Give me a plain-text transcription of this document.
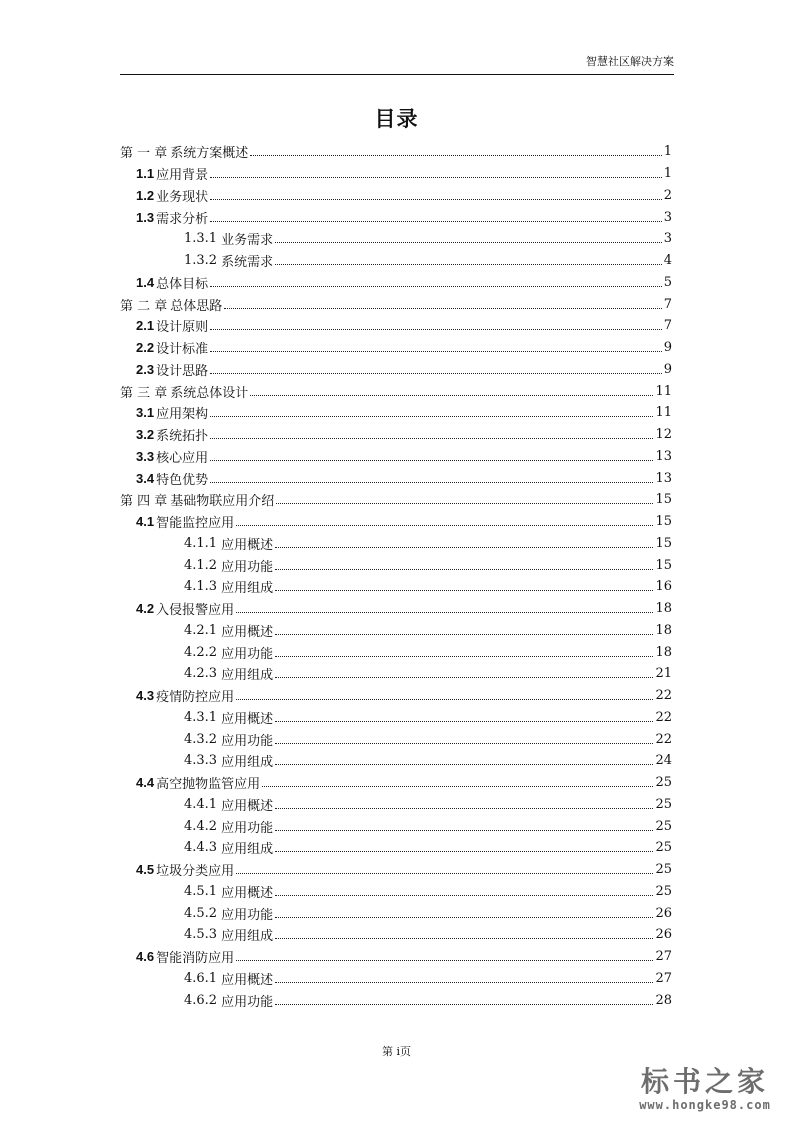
智慧社区解决方案
目录
第 一 章 系统方案概述	1
1.1 应用背景	1
1.2 业务现状	2
1.3 需求分析	3
1.3.1 业务需求	3
1.3.2 系统需求	4
1.4 总体目标	5
第 二 章 总体思路	7
2.1 设计原则	7
2.2 设计标准	9
2.3 设计思路	9
第 三 章 系统总体设计	11
3.1 应用架构	11
3.2 系统拓扑	12
3.3 核心应用	13
3.4 特色优势	13
第 四 章 基础物联应用介绍	15
4.1 智能监控应用	15
4.1.1 应用概述	15
4.1.2 应用功能	15
4.1.3 应用组成	16
4.2 入侵报警应用	18
4.2.1 应用概述	18
4.2.2 应用功能	18
4.2.3 应用组成	21
4.3 疫情防控应用	22
4.3.1 应用概述	22
4.3.2 应用功能	22
4.3.3 应用组成	24
4.4 高空抛物监管应用	25
4.4.1 应用概述	25
4.4.2 应用功能	25
4.4.3 应用组成	25
4.5 垃圾分类应用	25
4.5.1 应用概述	25
4.5.2 应用功能	26
4.5.3 应用组成	26
4.6 智能消防应用	27
4.6.1 应用概述	27
4.6.2 应用功能	28
第 i页
标书之家
www.hongke98.com
